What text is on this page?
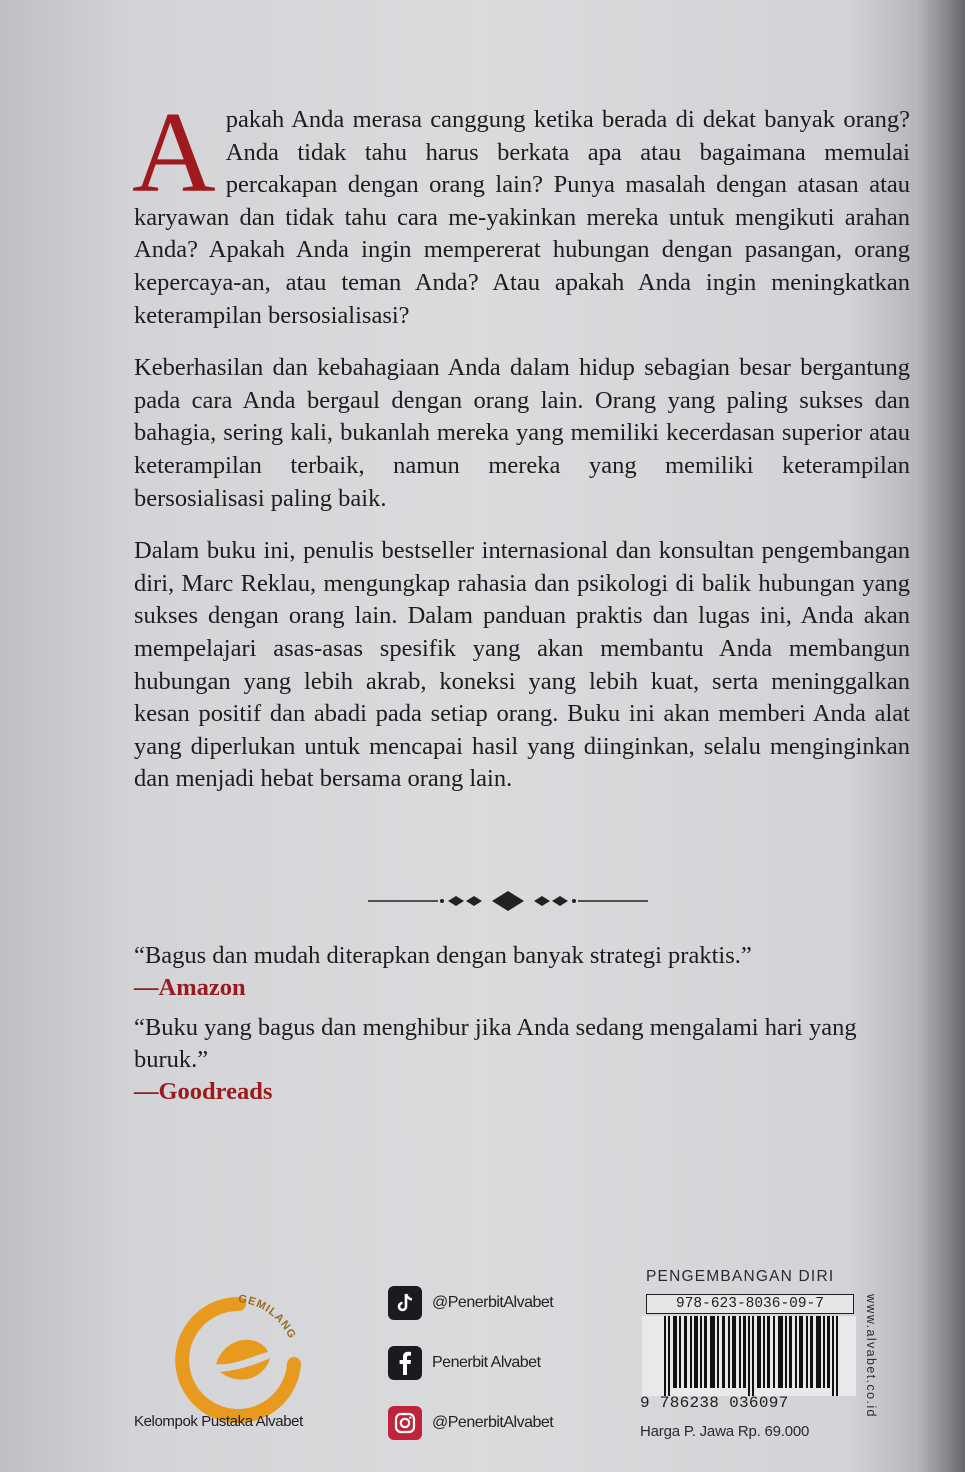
Apakah Anda merasa canggung ketika berada di dekat banyak orang? Anda tidak tahu harus berkata apa atau bagaimana memulai percakapan dengan orang lain? Punya masalah dengan atasan atau karyawan dan tidak tahu cara me-yakinkan mereka untuk mengikuti arahan Anda? Apakah Anda ingin mempererat hubungan dengan pasangan, orang kepercaya-an, atau teman Anda? Atau apakah Anda ingin meningkatkan keterampilan bersosialisasi?

Keberhasilan dan kebahagiaan Anda dalam hidup sebagian besar bergantung pada cara Anda bergaul dengan orang lain. Orang yang paling sukses dan bahagia, sering kali, bukanlah mereka yang memiliki kecerdasan superior atau keterampilan terbaik, namun mereka yang memiliki keterampilan bersosialisasi paling baik.

Dalam buku ini, penulis bestseller internasional dan konsultan pengembangan diri, Marc Reklau, mengungkap rahasia dan psikologi di balik hubungan yang sukses dengan orang lain. Dalam panduan praktis dan lugas ini, Anda akan mempelajari asas-asas spesifik yang akan membantu Anda membangun hubungan yang lebih akrab, koneksi yang lebih kuat, serta meninggalkan kesan positif dan abadi pada setiap orang. Buku ini akan memberi Anda alat yang diperlukan untuk mencapai hasil yang diinginkan, selalu menginginkan dan menjadi hebat bersama orang lain.

“Bagus dan mudah diterapkan dengan banyak strategi praktis.”

—Amazon

“Buku yang bagus dan menghibur jika Anda sedang mengalami hari yang buruk.”

—Goodreads

GEMILANG
Kelompok Pustaka Alvabet
@PenerbitAlvabet
Penerbit Alvabet
@PenerbitAlvabet
PENGEMBANGAN DIRI
978-623-8036-09-7
9 786238 036097	www.alvabet.co.id
Harga P. Jawa Rp. 69.000
